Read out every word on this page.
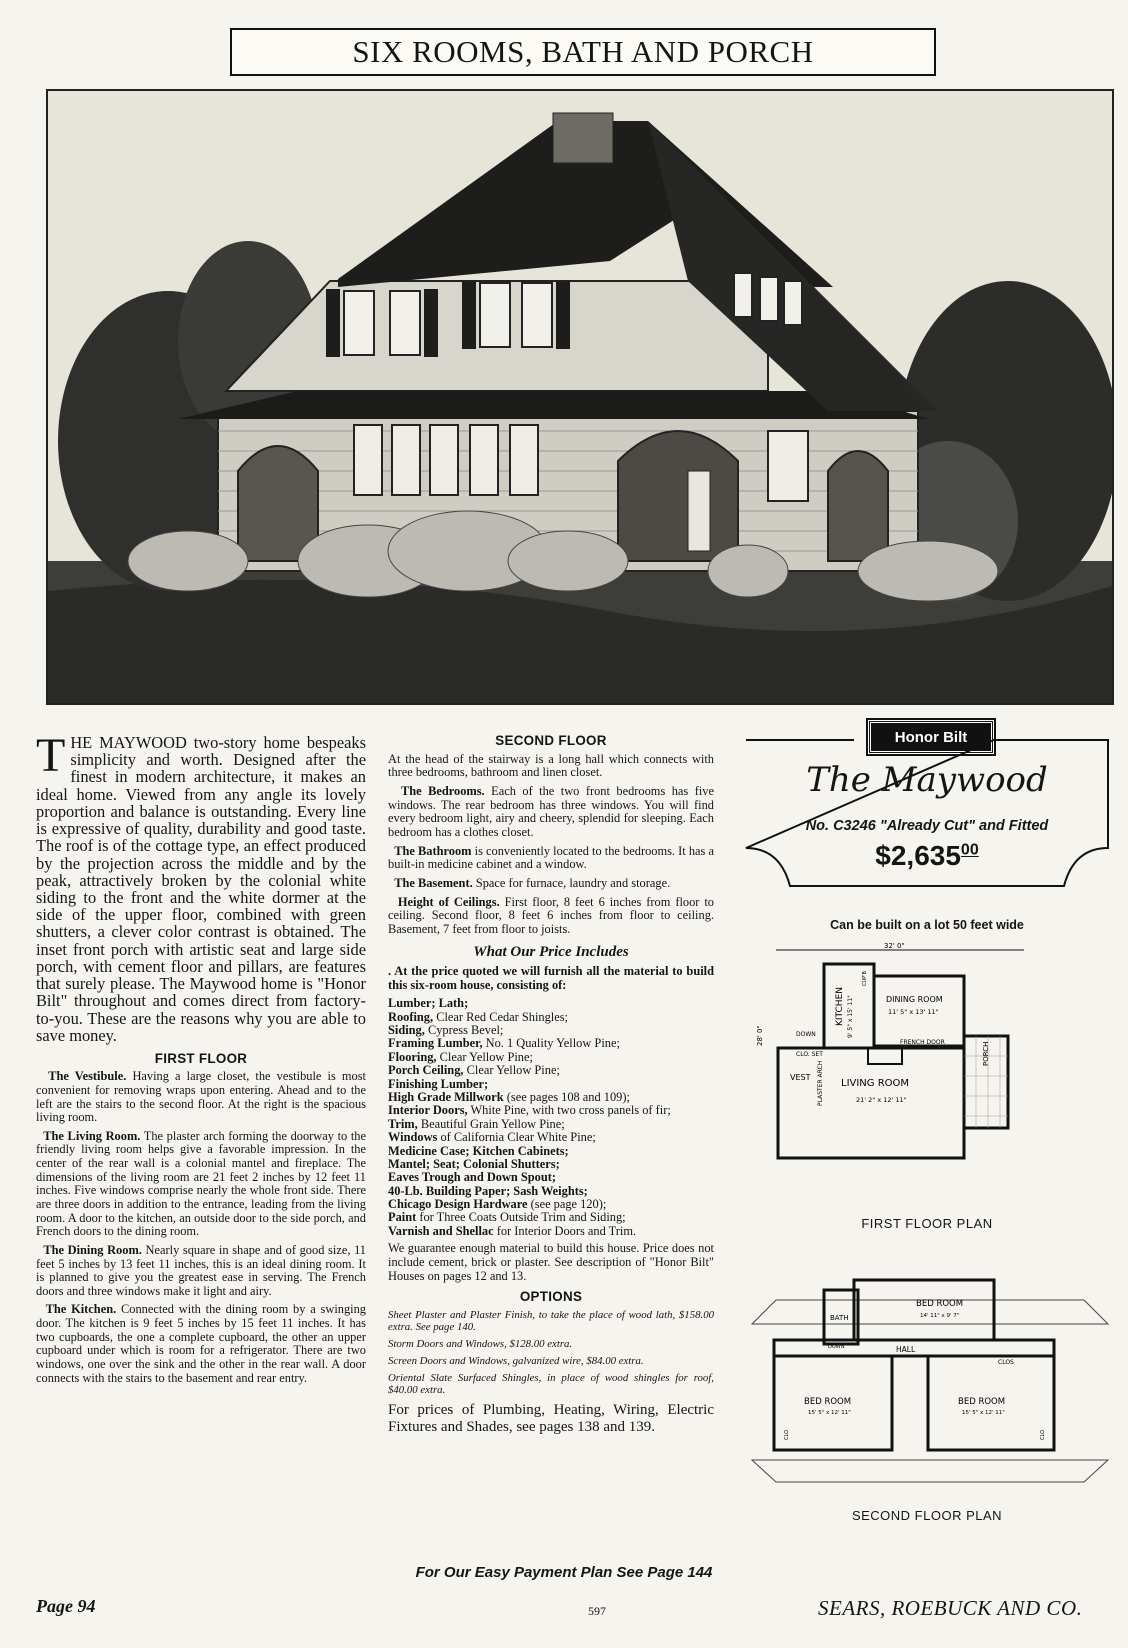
SIX ROOMS, BATH AND PORCH

THE MAYWOOD two-story home bespeaks simplicity and worth. Designed after the finest in modern architecture, it makes an ideal home. Viewed from any angle its lovely proportion and balance is outstanding. Every line is expressive of quality, durability and good taste. The roof is of the cottage type, an effect produced by the projection across the middle and by the peak, attractively broken by the colonial white siding to the front and the white dormer at the side of the upper floor, combined with green shutters, a clever color contrast is obtained. The inset front porch with artistic seat and large side porch, with cement floor and pillars, are features that surely please. The Maywood home is "Honor Bilt" throughout and comes direct from factory-to-you. These are the reasons why you are able to save money.

FIRST FLOOR

The Vestibule. Having a large closet, the vestibule is most convenient for removing wraps upon entering. Ahead and to the left are the stairs to the second floor. At the right is the spacious living room.

The Living Room. The plaster arch forming the doorway to the friendly living room helps give a favorable impression. In the center of the rear wall is a colonial mantel and fireplace. The dimensions of the living room are 21 feet 2 inches by 12 feet 11 inches. Five windows comprise nearly the whole front side. There are three doors in addition to the entrance, leading from the living room. A door to the kitchen, an outside door to the side porch, and French doors to the dining room.

The Dining Room. Nearly square in shape and of good size, 11 feet 5 inches by 13 feet 11 inches, this is an ideal dining room. It is planned to give you the greatest ease in serving. The French doors and three windows make it light and airy.

The Kitchen. Connected with the dining room by a swinging door. The kitchen is 9 feet 5 inches by 15 feet 11 inches. It has two cupboards, the one a complete cupboard, the other an upper cupboard under which is room for a refrigerator. There are two windows, one over the sink and the other in the rear wall. A door connects with the stairs to the basement and rear entry.

SECOND FLOOR

At the head of the stairway is a long hall which connects with three bedrooms, bathroom and linen closet.

The Bedrooms. Each of the two front bedrooms has five windows. The rear bedroom has three windows. You will find every bedroom light, airy and cheery, splendid for sleeping. Each bedroom has a clothes closet.

The Bathroom is conveniently located to the bedrooms. It has a built-in medicine cabinet and a window.

The Basement. Space for furnace, laundry and storage.

Height of Ceilings. First floor, 8 feet 6 inches from floor to ceiling. Second floor, 8 feet 6 inches from floor to ceiling. Basement, 7 feet from floor to joists.

What Our Price Includes

. At the price quoted we will furnish all the material to build this six-room house, consisting of:

Lumber; Lath;
Roofing, Clear Red Cedar Shingles;
Siding, Cypress Bevel;
Framing Lumber, No. 1 Quality Yellow Pine;
Flooring, Clear Yellow Pine;
Porch Ceiling, Clear Yellow Pine;
Finishing Lumber;
High Grade Millwork (see pages 108 and 109);
Interior Doors, White Pine, with two cross panels of fir;
Trim, Beautiful Grain Yellow Pine;
Windows of California Clear White Pine;
Medicine Case; Kitchen Cabinets;
Mantel; Seat; Colonial Shutters;
Eaves Trough and Down Spout;
40-Lb. Building Paper; Sash Weights;
Chicago Design Hardware (see page 120);
Paint for Three Coats Outside Trim and Siding;
Varnish and Shellac for Interior Doors and Trim.

We guarantee enough material to build this house. Price does not include cement, brick or plaster. See description of "Honor Bilt" Houses on pages 12 and 13.

OPTIONS

Sheet Plaster and Plaster Finish, to take the place of wood lath, $158.00 extra. See page 140.

Storm Doors and Windows, $128.00 extra.

Screen Doors and Windows, galvanized wire, $84.00 extra.

Oriental Slate Surfaced Shingles, in place of wood shingles for roof, $40.00 extra.

For prices of Plumbing, Heating, Wiring, Electric Fixtures and Shades, see pages 138 and 139.

Honor Bilt
The Maywood
No. C3246 "Already Cut" and Fitted
$2,635$^{00}$
Can be built on a lot 50 feet wide
32' 0"
28' 0"
KITCHEN 9' 5" x 15' 11"	DINING ROOM
11' 5" x 13' 11"
LIVING ROOM
21' 2" x 12' 11"
VEST
CLO. SET
DOWN
FRENCH DOOR	PORCH
PLASTER ARCH
CUP'B
FIRST FLOOR PLAN
BED ROOM
14' 11" x 9' 7"
BATH
HALL
CLOS
DOWN
BED ROOM
15' 5" x 12' 11"
BED ROOM
15' 5" x 12' 11"
CLO	CLO
SECOND FLOOR PLAN
For Our Easy Payment Plan See Page 144
Page 94	597	SEARS, ROEBUCK AND CO.
